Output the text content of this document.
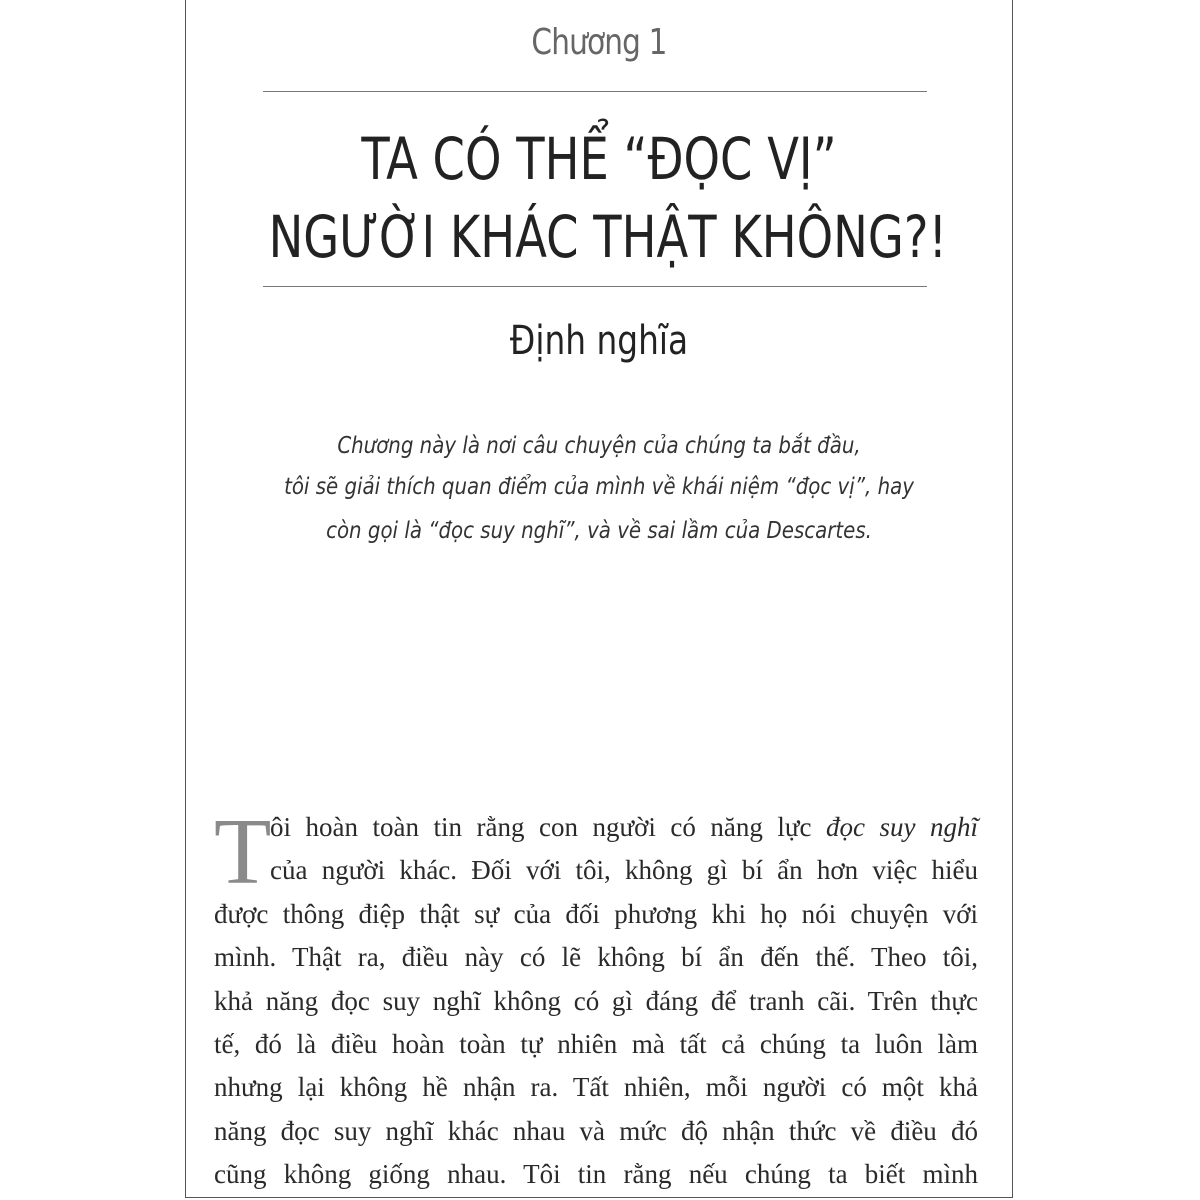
Chương 1
TA CÓ THỂ “ĐỌC VỊ”
NGƯỜI KHÁC THẬT KHÔNG?!
Định nghĩa
Chương này là nơi câu chuyện của chúng ta bắt đầu,
tôi sẽ giải thích quan điểm của mình về khái niệm “đọc vị”, hay
còn gọi là “đọc suy nghĩ”, và về sai lầm của Descartes.
T
ôi hoàn toàn tin rằng con người có năng lực đọc suy nghĩ
của người khác. Đối với tôi, không gì bí ẩn hơn việc hiểu
được thông điệp thật sự của đối phương khi họ nói chuyện với
mình. Thật ra, điều này có lẽ không bí ẩn đến thế. Theo tôi,
khả năng đọc suy nghĩ không có gì đáng để tranh cãi. Trên thực
tế, đó là điều hoàn toàn tự nhiên mà tất cả chúng ta luôn làm
nhưng lại không hề nhận ra. Tất nhiên, mỗi người có một khả
năng đọc suy nghĩ khác nhau và mức độ nhận thức về điều đó
cũng không giống nhau. Tôi tin rằng nếu chúng ta biết mình
